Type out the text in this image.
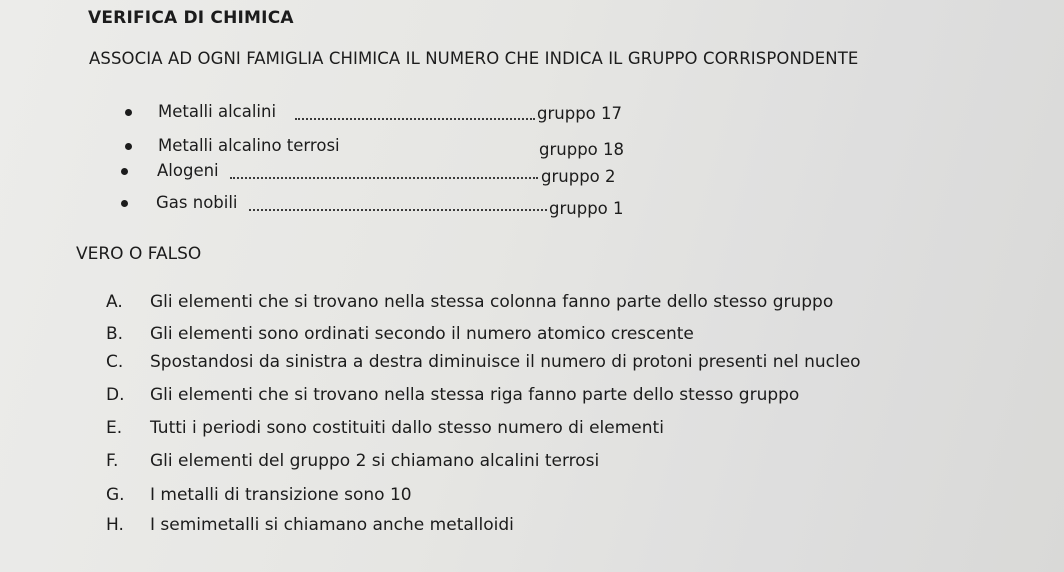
VERIFICA DI CHIMICA
ASSOCIA AD OGNI FAMIGLIA CHIMICA IL NUMERO CHE INDICA IL GRUPPO CORRISPONDENTE
Metalli alcalini	gruppo 17
Metalli alcalino terrosi	gruppo 18
Alogeni	gruppo 2
Gas nobili	gruppo 1
VERO O FALSO
A. Gli elementi che si trovano nella stessa colonna fanno parte dello stesso gruppo
B. Gli elementi sono ordinati secondo il numero atomico crescente
C. Spostandosi da sinistra a destra diminuisce il numero di protoni presenti nel nucleo
D. Gli elementi che si trovano nella stessa riga fanno parte dello stesso gruppo
E. Tutti i periodi sono costituiti dallo stesso numero di elementi
F. Gli elementi del gruppo 2 si chiamano alcalini terrosi
G. I metalli di transizione sono 10
H. I semimetalli si chiamano anche metalloidi
